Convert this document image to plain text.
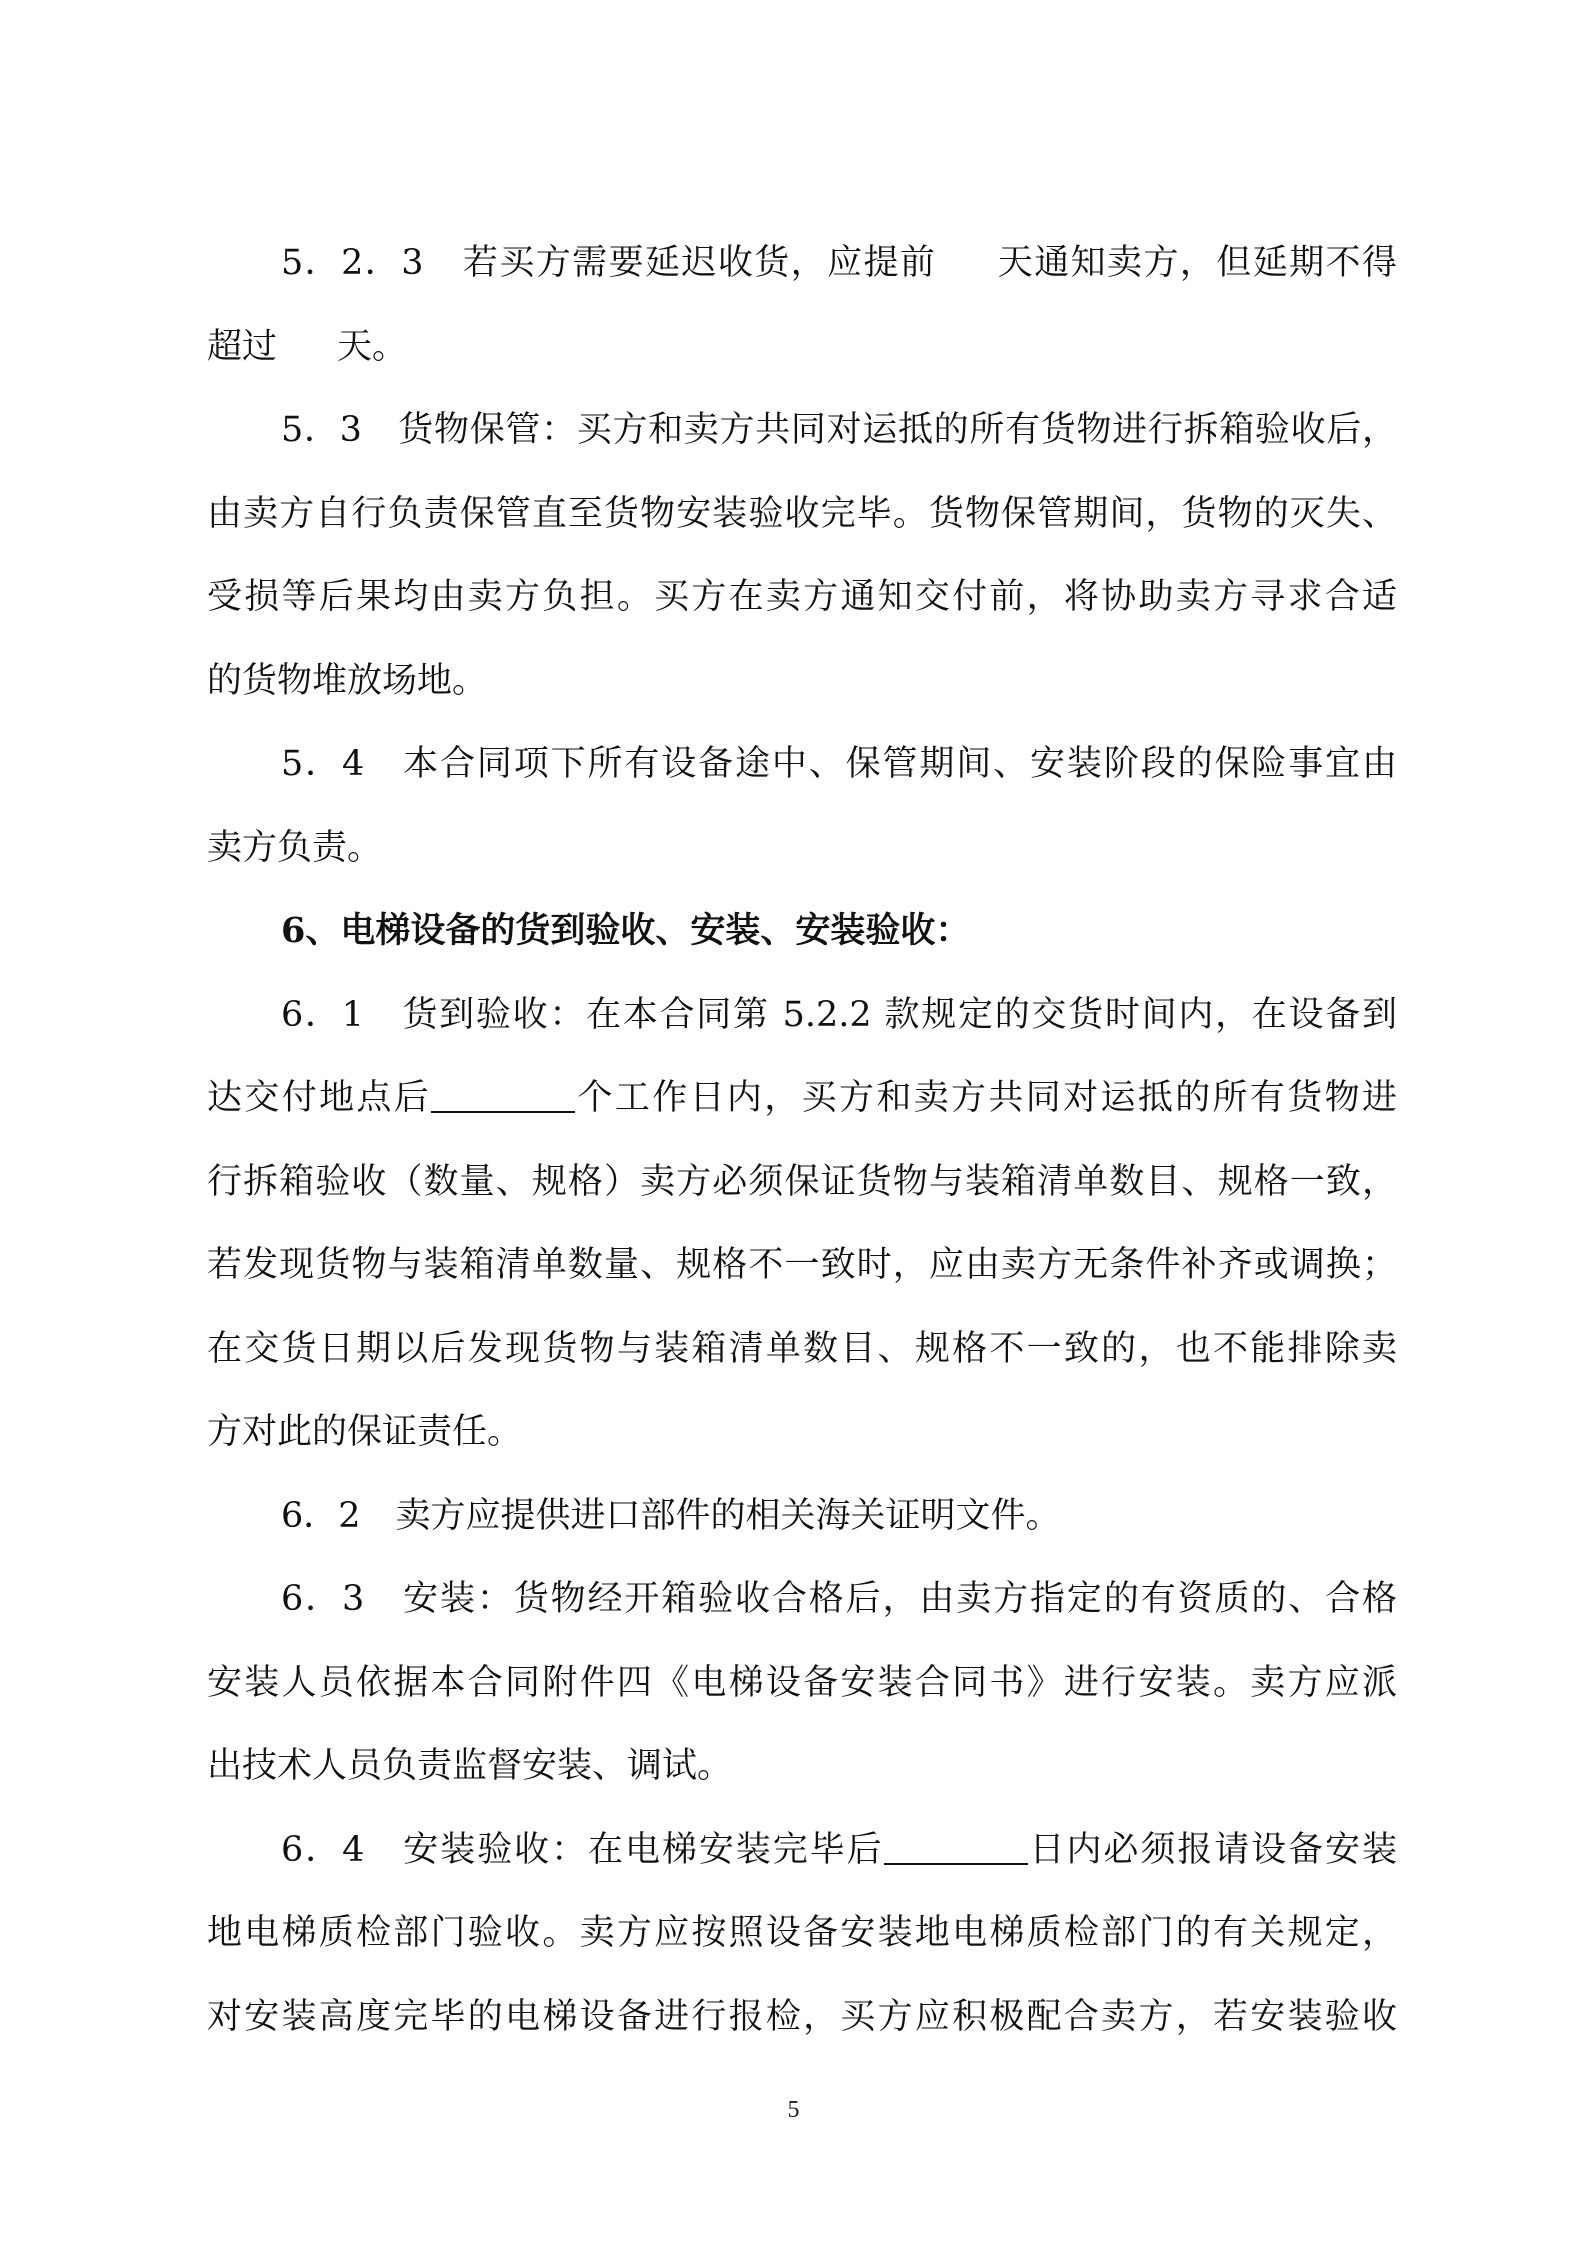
5．2．3 若买方需要延迟收货，应提前 天通知卖方，但延期不得
超过 天。
5．3　货物保管：买方和卖方共同对运抵的所有货物进行拆箱验收后，
由卖方自行负责保管直至货物安装验收完毕。货物保管期间，货物的灭失、
受损等后果均由卖方负担。买方在卖方通知交付前，将协助卖方寻求合适
的货物堆放场地。
5．4　本合同项下所有设备途中、保管期间、安装阶段的保险事宜由
卖方负责。
6、电梯设备的货到验收、安装、安装验收：
6．1　货到验收：在本合同第 5.2.2 款规定的交货时间内，在设备到
达交付地点后	个工作日内，买方和卖方共同对运抵的所有货物进
行拆箱验收（数量、规格）卖方必须保证货物与装箱清单数目、规格一致，
若发现货物与装箱清单数量、规格不一致时，应由卖方无条件补齐或调换；
在交货日期以后发现货物与装箱清单数目、规格不一致的，也不能排除卖
方对此的保证责任。
6．2　卖方应提供进口部件的相关海关证明文件。
6．3　安装：货物经开箱验收合格后，由卖方指定的有资质的、合格
安装人员依据本合同附件四《电梯设备安装合同书》进行安装。卖方应派
出技术人员负责监督安装、调试。
6．4　安装验收：在电梯安装完毕后	日内必须报请设备安装
地电梯质检部门验收。卖方应按照设备安装地电梯质检部门的有关规定，
对安装高度完毕的电梯设备进行报检，买方应积极配合卖方，若安装验收
5
